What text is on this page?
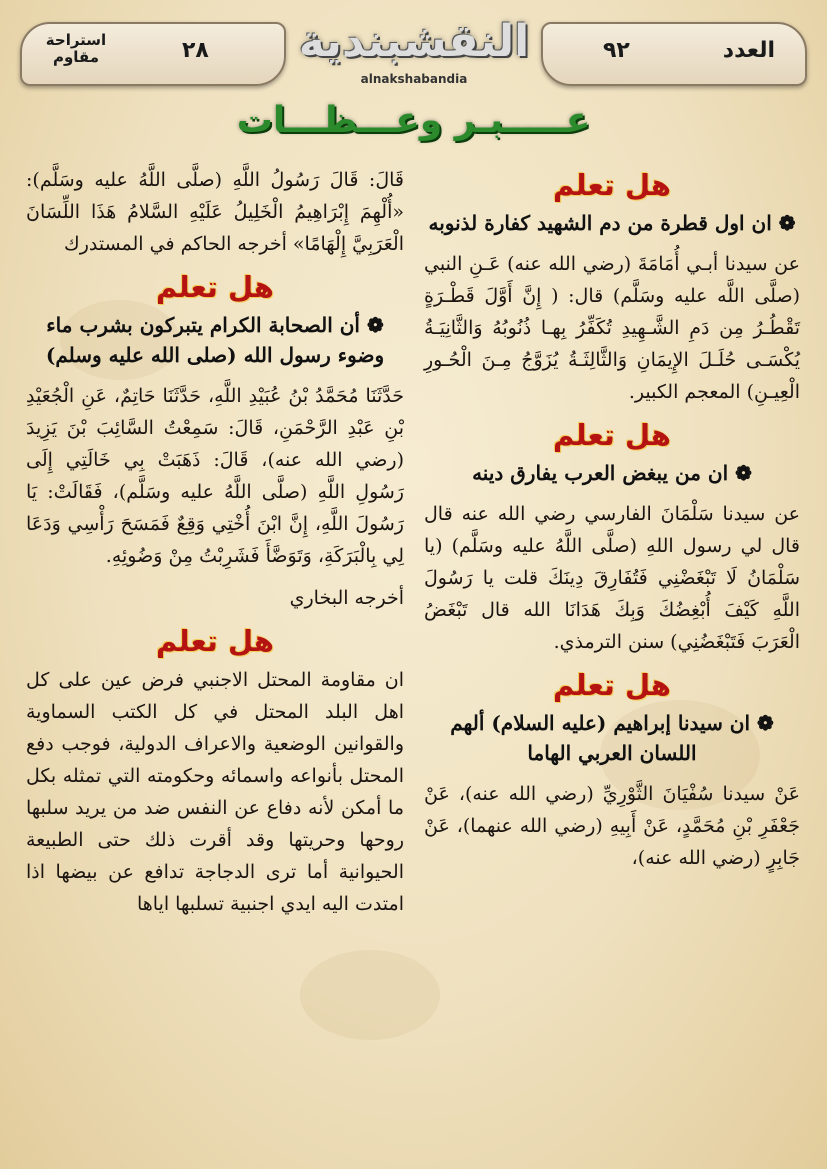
استراحة مقاوم	٢٨ النقشبندية
alnakshabandia
٩٢	العدد
عـــــبـر وعـــظـــات
هل تعلم
❁ ان اول قطرة من دم الشهيد كفارة لذنوبه

عن سيدنا أبـي أُمَامَةَ (رضي الله عنه) عَـنِ النبي (صلَّى اللَّه عليه وسَلَّم) قال: ( إِنَّ أَوَّلَ قَطْـرَةٍ تَقْطُـرُ مِن دَمِ الشَّـهِيدِ تُكَفِّرُ بِهـا ذُنُوبُهُ وَالثَّانِيَـةُ يُكْسَـى حُلَـلَ الإِيمَانِ وَالثَّالِثَـةُ يُزَوَّجُ مِـنَ الْحُـورِ الْعِيـنِ) المعجم الكبير.

هل تعلم
❁ ان من يبغض العرب يفارق دينه

عن سيدنا سَلْمَانَ الفارسي رضي الله عنه قال قال لي رسول اللهِ (صلَّى اللَّهُ عليه وسَلَّم) (يا سَلْمَانُ لَا تَبْغَضْنِي فَتُفَارِقَ دِينَكَ قلت يا رَسُولَ اللَّهِ كَيْفَ أُبْغِضُكَ وَبِكَ هَدَانَا الله قال تَبْغَضُ الْعَرَبَ فَتَبْغَضُنِي) سنن الترمذي.

هل تعلم
❁ ان سيدنا إبراهيم (عليه السلام) ألهم اللسان العربي الهاما

عَنْ سيدنا سُفْيَانَ الثَّوْرِيِّ (رضي الله عنه)، عَنْ جَعْفَرِ بْنِ مُحَمَّدٍ، عَنْ أَبِيهِ (رضي الله عنهما)، عَنْ جَابِرٍ (رضي الله عنه)،

قَالَ: قَالَ رَسُولُ اللَّهِ (صلَّى اللَّهُ عليه وسَلَّم): «أُلْهِمَ إِبْرَاهِيمُ الْخَلِيلُ عَلَيْهِ السَّلامُ هَذَا اللِّسَانَ الْعَرَبِيَّ إِلْهَامًا» أخرجه الحاكم في المستدرك

هل تعلم
❁ أن الصحابة الكرام يتبركون بشرب ماء وضوء رسول الله (صلى الله عليه وسلم)

حَدَّثَنَا مُحَمَّدُ بْنُ عُبَيْدِ اللَّهِ، حَدَّثَنَا حَاتِمٌ، عَنِ الْجُعَيْدِ بْنِ عَبْدِ الرَّحْمَنِ، قَالَ: سَمِعْتُ السَّائِبَ بْنَ يَزِيدَ (رضي الله عنه)، قَالَ: ذَهَبَتْ بِي خَالَتِي إِلَى رَسُولِ اللَّهِ (صلَّى اللَّهُ عليه وسَلَّم)، فَقَالَتْ: يَا رَسُولَ اللَّهِ، إِنَّ ابْنَ أُخْتِي وَقِعٌ فَمَسَحَ رَأْسِي وَدَعَا لِي بِالْبَرَكَةِ، وَتَوَضَّأَ فَشَرِبْتُ مِنْ وَضُوئِهِ.

أخرجه البخاري

هل تعلم

ان مقاومة المحتل الاجنبي فرض عين على كل اهل البلد المحتل في كل الكتب السماوية والقوانين الوضعية والاعراف الدولية، فوجب دفع المحتل بأنواعه واسمائه وحكومته التي تمثله بكل ما أمكن لأنه دفاع عن النفس ضد من يريد سلبها روحها وحريتها وقد أقرت ذلك حتى الطبيعة الحيوانية أما ترى الدجاجة تدافع عن بيضها اذا امتدت اليه ايدي اجنبية تسلبها اياها
